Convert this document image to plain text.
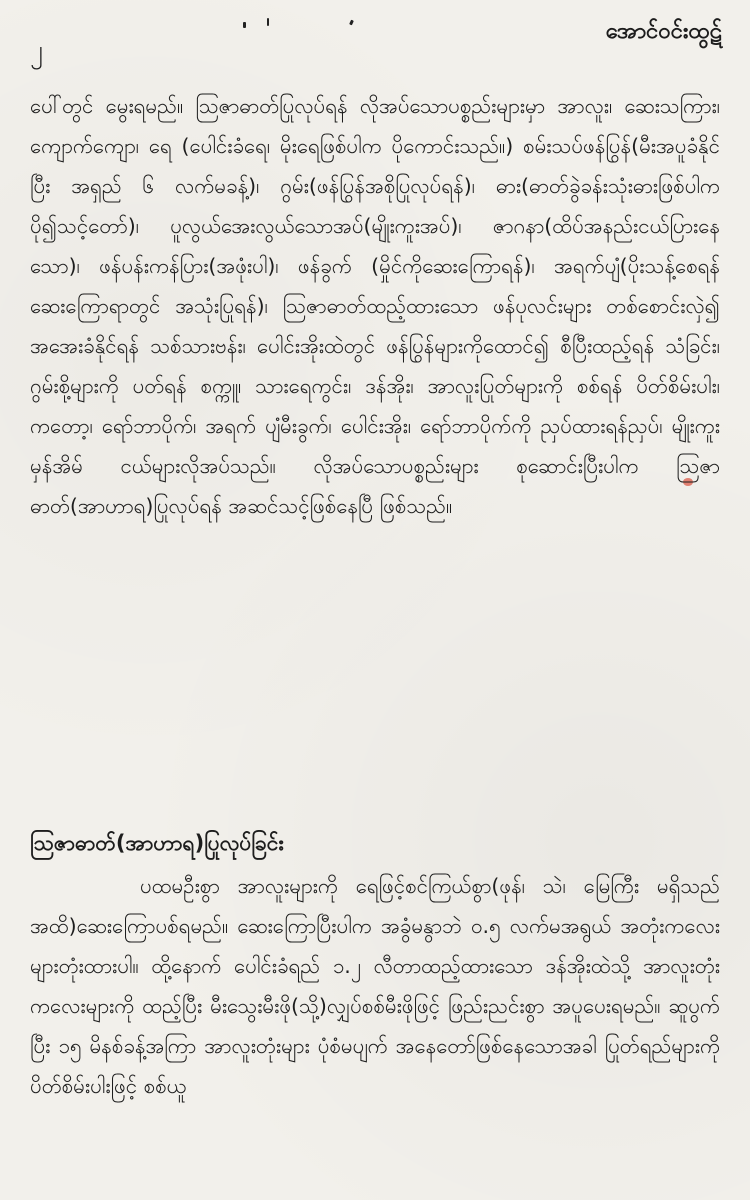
၂
အောင်ဝင်းထွဋ်

ပေါ်တွင် မွေးရမည်။ သြဇာဓာတ်ပြုလုပ်ရန် လိုအပ်သောပစ္စည်းများမှာ အာလူး၊ ဆေးသကြား၊ ကျောက်ကျော၊ ရေ (ပေါင်းခံရေ၊ မိုးရေဖြစ်ပါက ပိုကောင်းသည်။) စမ်းသပ်ဖန်ပြွန်(မီးအပူခံနိုင်ပြီး အရှည် ၆ လက်မခန့်)၊ ဂွမ်း(ဖန်ပြွန်အစိုပြုလုပ်ရန်)၊ ဓား(ဓာတ်ခွဲခန်းသုံးဓားဖြစ်ပါက ပို၍သင့်တော်)၊ ပူလွယ်အေးလွယ်သောအပ်(မျိုးကူးအပ်)၊ ဇာဂနာ(ထိပ်အနည်းငယ်ပြားနေသော)၊ ဖန်ပန်းကန်ပြား(အဖုံးပါ)၊ ဖန်ခွက် (မှိုင်ကိုဆေးကြောရန်)၊ အရက်ပျံ(ပိုးသန့်စေရန်ဆေးကြောရာတွင် အသုံးပြုရန်)၊ သြဇာဓာတ်ထည့်ထားသော ဖန်ပုလင်းများ တစ်စောင်းလှဲ၍ အအေးခံနိုင်ရန် သစ်သားဗန်း၊ ပေါင်းအိုးထဲတွင် ဖန်ပြွန်များကိုထောင်၍ စီပြီးထည့်ရန် သံခြင်း၊ ဂွမ်းစို့များကို ပတ်ရန် စက္ကူ၊ သားရေကွင်း၊ ဒန်အိုး၊ အာလူးပြုတ်များကို စစ်ရန် ပိတ်စိမ်းပါး၊ ကတော့၊ ရော်ဘာပိုက်၊ အရက် ပျံမီးခွက်၊ ပေါင်းအိုး၊ ရော်ဘာပိုက်ကို ညှပ်ထားရန်ညှပ်၊ မျိုးကူးမှန်အိမ် ငယ်များလိုအပ်သည်။ လိုအပ်သောပစ္စည်းများ စုဆောင်းပြီးပါက သြဇာဓာတ်(အာဟာရ)ပြုလုပ်ရန် အဆင်သင့်ဖြစ်နေပြီ ဖြစ်သည်။

သြဇာဓာတ်(အာဟာရ)ပြုလုပ်ခြင်း

ပထမဦးစွာ အာလူးများကို ရေဖြင့်စင်ကြယ်စွာ(ဖုန်၊ သဲ၊ မြေကြီး မရှိသည်အထိ)ဆေးကြောပစ်ရမည်။ ဆေးကြောပြီးပါက အခွံမနွာဘဲ ၀.၅ လက်မအရွယ် အတုံးကလေးများတုံးထားပါ။ ထို့နောက် ပေါင်းခံရည် ၁.၂ လီတာထည့်ထားသော ဒန်အိုးထဲသို့ အာလူးတုံးကလေးများကို ထည့်ပြီး မီးသွေးမီးဖို(သို့)လျှပ်စစ်မီးဖိုဖြင့် ဖြည်းညင်းစွာ အပူပေးရမည်။ ဆူပွက်ပြီး ၁၅ မိနစ်ခန့်အကြာ အာလူးတုံးများ ပုံစံမပျက် အနေတော်ဖြစ်နေသောအခါ ပြုတ်ရည်များကို ပိတ်စိမ်းပါးဖြင့် စစ်ယူ
